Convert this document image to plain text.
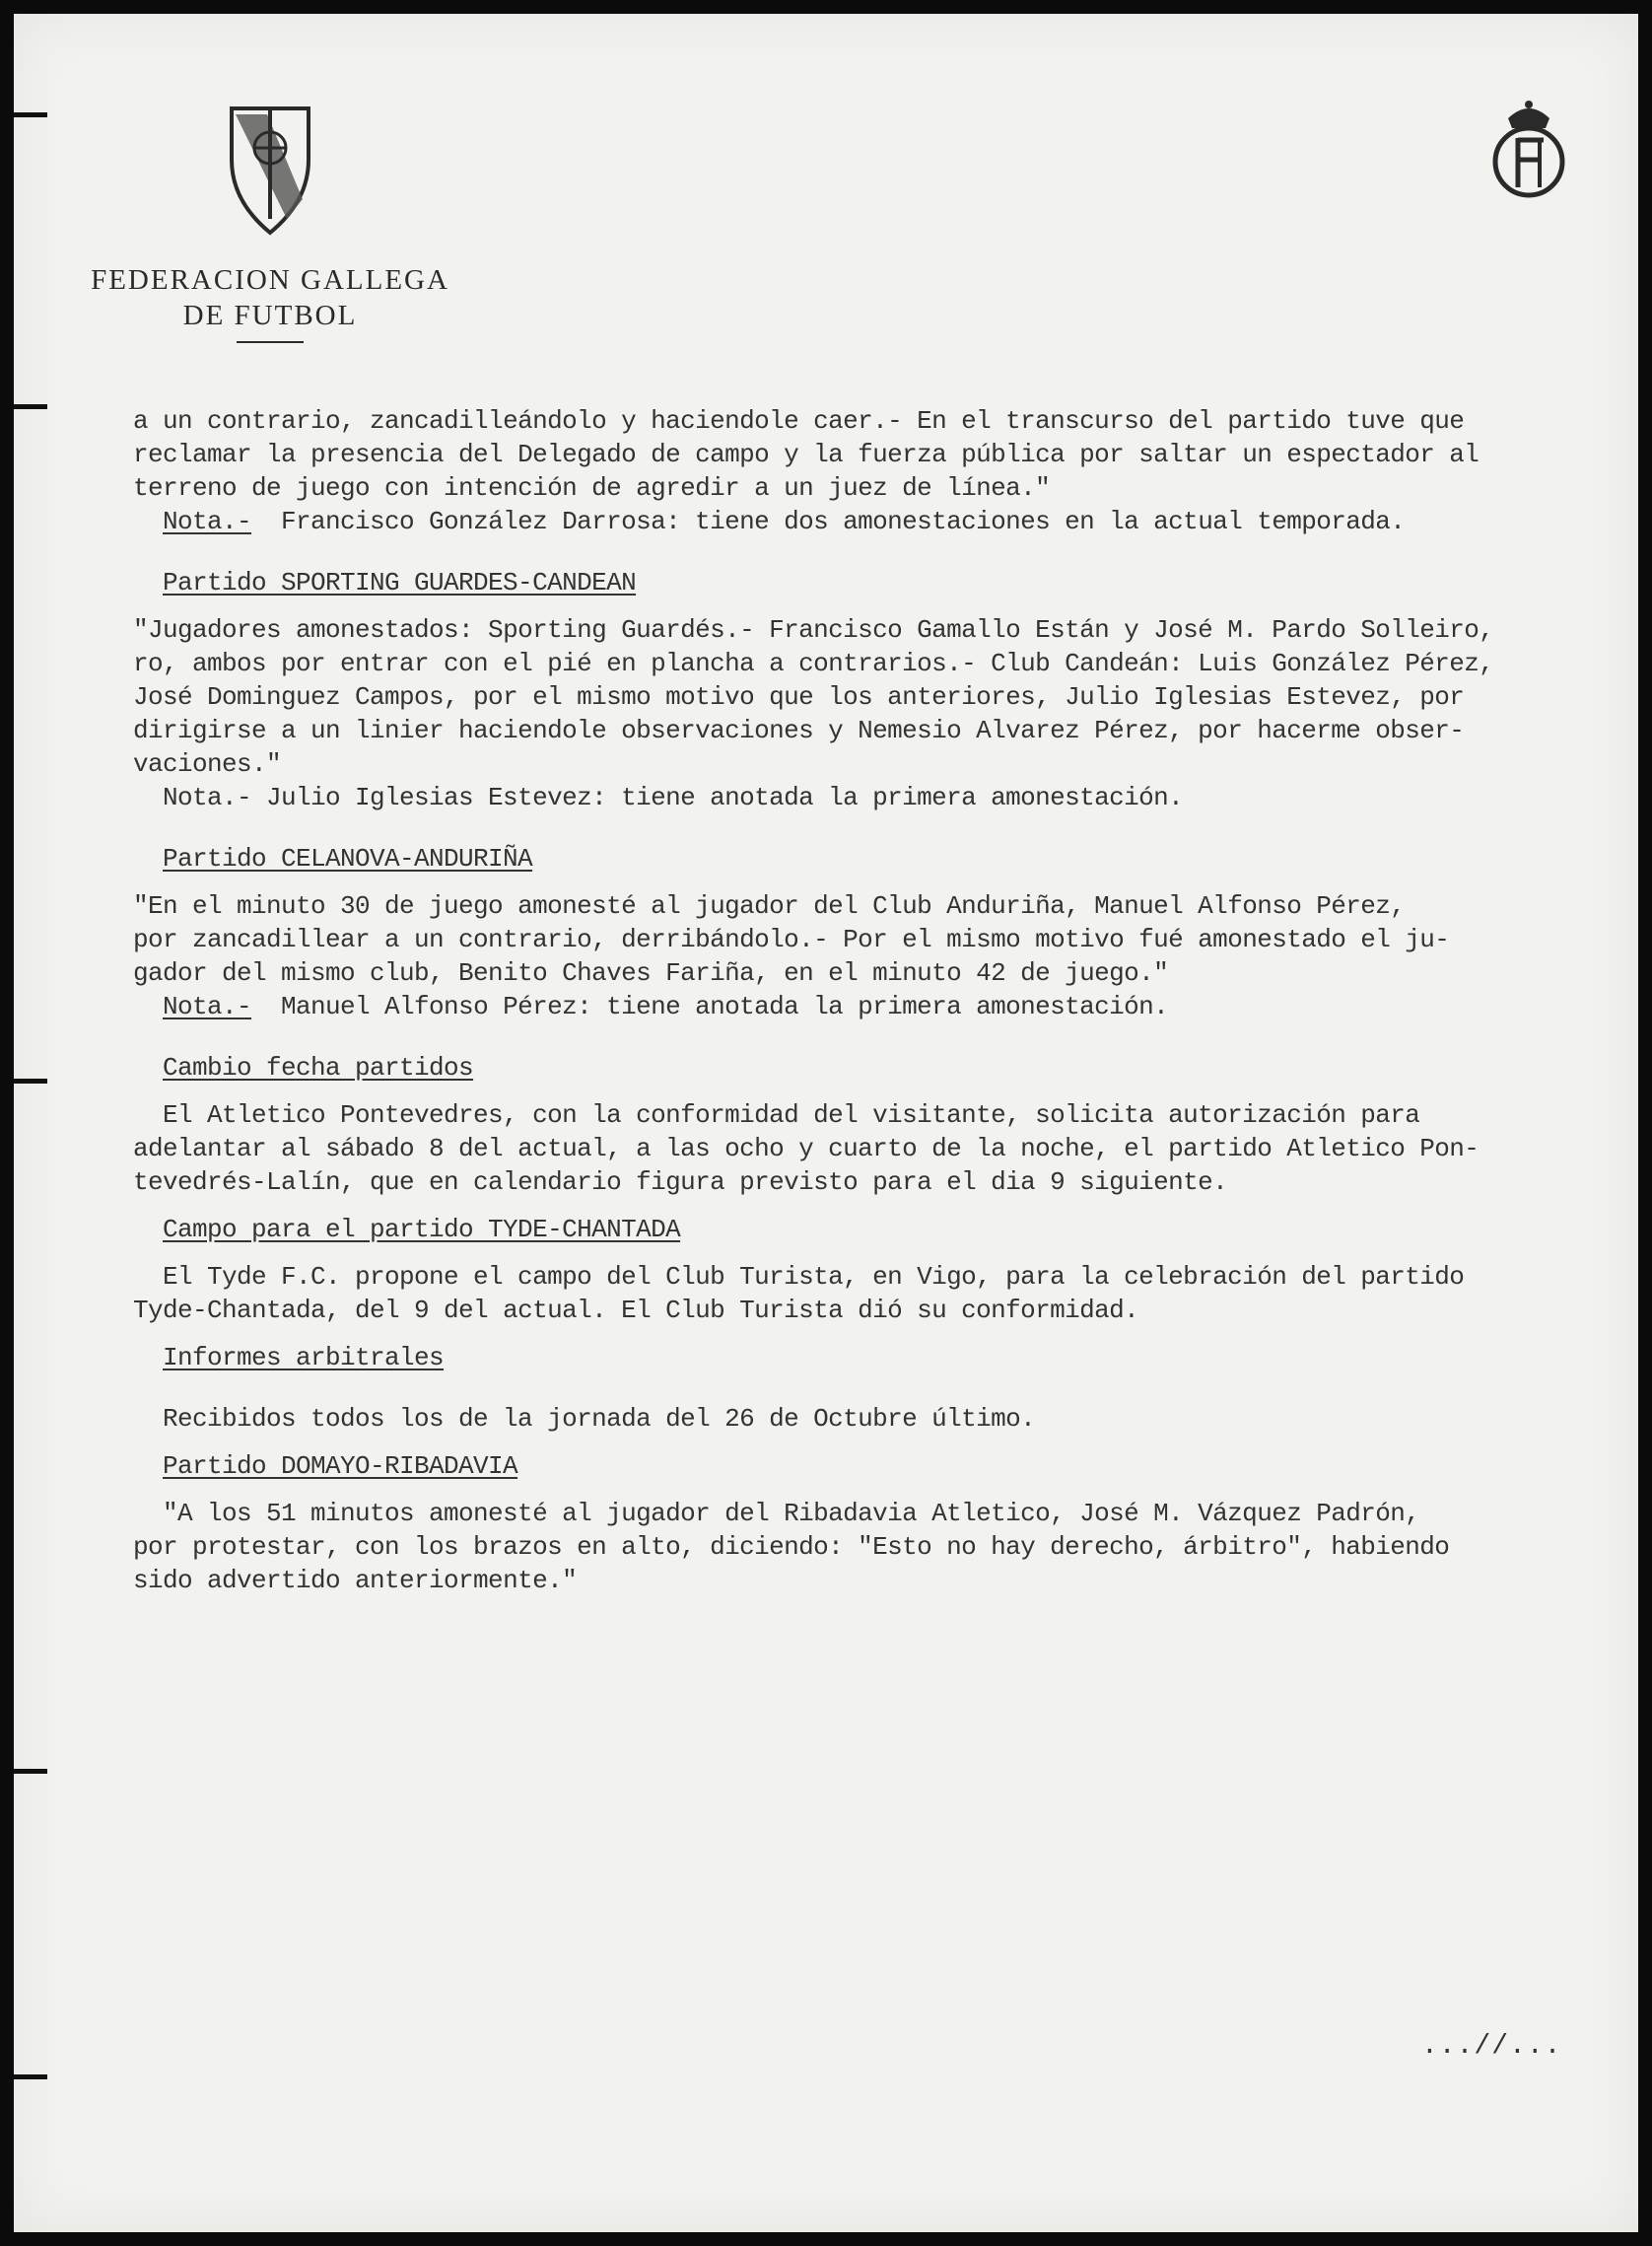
FEDERACION GALLEGA
DE FUTBOL

a un contrario, zancadilleándolo y haciendole caer.- En el transcurso del partido tuve que

reclamar la presencia del Delegado de campo y la fuerza pública por saltar un espectador al

terreno de juego con intención de agredir a un juez de línea."

Nota.- Francisco González Darrosa: tiene dos amonestaciones en la actual temporada.

Partido SPORTING GUARDES-CANDEAN

"Jugadores amonestados: Sporting Guardés.- Francisco Gamallo Están y José M. Pardo Solleiro,

ro, ambos por entrar con el pié en plancha a contrarios.- Club Candeán: Luis González Pérez,

José Dominguez Campos, por el mismo motivo que los anteriores, Julio Iglesias Estevez, por

dirigirse a un linier haciendole observaciones y Nemesio Alvarez Pérez, por hacerme obser-

vaciones."

Nota.- Julio Iglesias Estevez: tiene anotada la primera amonestación.

Partido CELANOVA-ANDURIÑA

"En el minuto 30 de juego amonesté al jugador del Club Anduriña, Manuel Alfonso Pérez,

por zancadillear a un contrario, derribándolo.- Por el mismo motivo fué amonestado el ju-

gador del mismo club, Benito Chaves Fariña, en el minuto 42 de juego."

Nota.- Manuel Alfonso Pérez: tiene anotada la primera amonestación.

Cambio fecha partidos

El Atletico Pontevedres, con la conformidad del visitante, solicita autorización para

adelantar al sábado 8 del actual, a las ocho y cuarto de la noche, el partido Atletico Pon-

tevedrés-Lalín, que en calendario figura previsto para el dia 9 siguiente.

Campo para el partido TYDE-CHANTADA

El Tyde F.C. propone el campo del Club Turista, en Vigo, para la celebración del partido

Tyde-Chantada, del 9 del actual. El Club Turista dió su conformidad.

Informes arbitrales

Recibidos todos los de la jornada del 26 de Octubre último.

Partido DOMAYO-RIBADAVIA

"A los 51 minutos amonesté al jugador del Ribadavia Atletico, José M. Vázquez Padrón,

por protestar, con los brazos en alto, diciendo: "Esto no hay derecho, árbitro", habiendo

sido advertido anteriormente."

...//...
